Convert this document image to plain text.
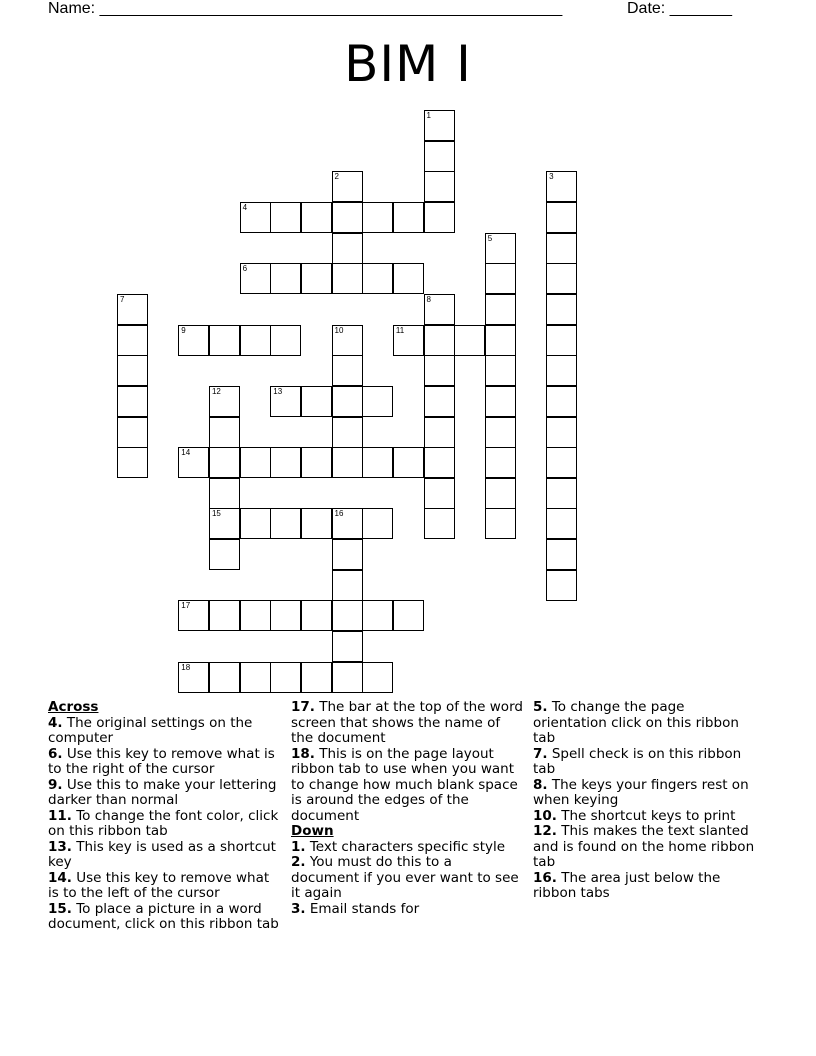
Name: ____________________________________________________	Date: _______
BIM I
1
2	3
4
5
6
7	8
9	10	11
12	13
14
15	16
17
18
Across
4. The original settings on the computer
6. Use this key to remove what is to the right of the cursor
9. Use this to make your lettering darker than normal
11. To change the font color, click on this ribbon tab
13. This key is used as a shortcut key
14. Use this key to remove what is to the left of the cursor
15. To place a picture in a word document, click on this ribbon tab
17. The bar at the top of the word screen that shows the name of the document
18. This is on the page layout ribbon tab to use when you want to change how much blank space is around the edges of the document
Down
1. Text characters specific style
2. You must do this to a document if you ever want to see it again
3. Email stands for
5. To change the page orientation click on this ribbon tab
7. Spell check is on this ribbon tab
8. The keys your fingers rest on when keying
10. The shortcut keys to print
12. This makes the text slanted and is found on the home ribbon tab
16. The area just below the ribbon tabs
